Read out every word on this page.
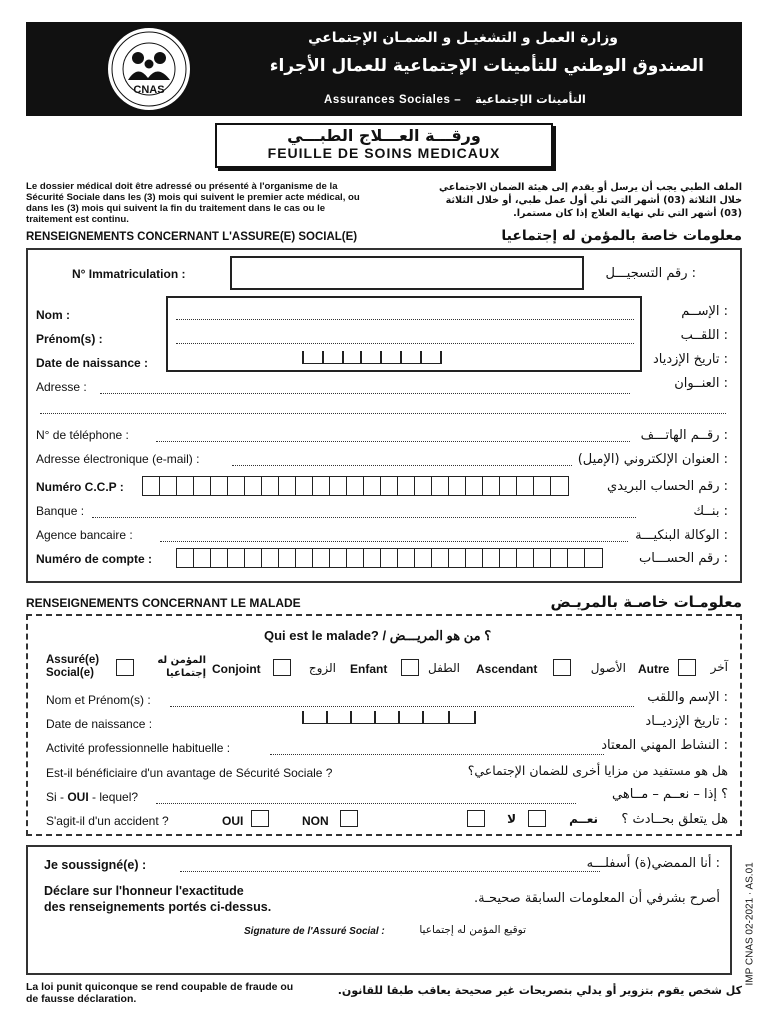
CNAS
وزارة العمل و التشغيـل و الضمـان الإجتماعي
الصندوق الوطني للتأمينات الإجتماعية للعمال الأجراء
Assurances Sociales – التأمينات الإجتماعية
ورقـــة العـــلاج الطبـــي
FEUILLE DE SOINS MEDICAUX
Le dossier médical doit être adressé ou présenté à l'organisme de la Sécurité Sociale dans les (3) mois qui suivent le premier acte médical, ou dans les (3) mois qui suivent la fin du traitement dans le cas ou le traitement est continu.
الملف الطبي يجب أن يرسل أو يقدم إلى هيئة الضمان الاجتماعي خلال الثلاثة (03) أشهر التي تلي أول عمل طبي، أو خلال الثلاثة (03) أشهر التي تلي نهاية العلاج إذا كان مستمرا.
RENSEIGNEMENTS CONCERNANT L'ASSURE(E) SOCIAL(E)	معلومات خاصة بالمؤمن له إجتماعيا
N° Immatriculation :	: رقم التسجيـــل
Nom :	: الإســم
Prénom(s) :	: اللقــب
Date de naissance :	: تاريخ الإزدياد
Adresse :	: العنــوان
N° de téléphone :	: رقــم الهاتـــف
Adresse électronique (e-mail) :	: العنوان الإلكتروني (الإميل)
Numéro C.C.P :	: رقم الحساب البريدي
Banque :	: بنــك
Agence bancaire :	: الوكالة البنكيـــة
Numéro de compte :	: رقم الحســـاب
RENSEIGNEMENTS CONCERNANT LE MALADE	معلومـات خاصـة بالمريـض
Qui est le malade? / ؟ من هو المريـــض
Assuré(e) Social(e)
المؤمن له إجتماعيا Conjoint	الزوج Enfant	الطفل Ascendant	الأصول Autre	آخر
Nom et Prénom(s) :	: الإسم واللقب
Date de naissance :	: تاريخ الإزديــاد
Activité professionnelle habituelle :	: النشاط المهني المعتاد
Est-il bénéficiaire d'un avantage de Sécurité Sociale ?	هل هو مستفيد من مزايا أخرى للضمان الإجتماعي؟
Si - OUI - lequel?	؟ إذا – نعــم – مــاهي
S'agit-il d'un accident ?	OUI	NON	لا	نعــم هل يتعلق بحــادث ؟
Je soussigné(e) :	: أنا الممضي(ة) أسفلـــه
Déclare sur l'honneur l'exactitude
des renseignements portés ci-dessus.
أصرح بشرفي أن المعلومات السابقة صحيحـة.
Signature de l'Assuré Social :	توقيع المؤمن له إجتماعيا	IMP CNAS 02-2021 · AS.01
La loi punit quiconque se rend coupable de fraude ou de fausse déclaration.
كل شخص يقوم بتزوير أو يدلي بتصريحات غير صحيحة يعاقب طبقا للقانون.
